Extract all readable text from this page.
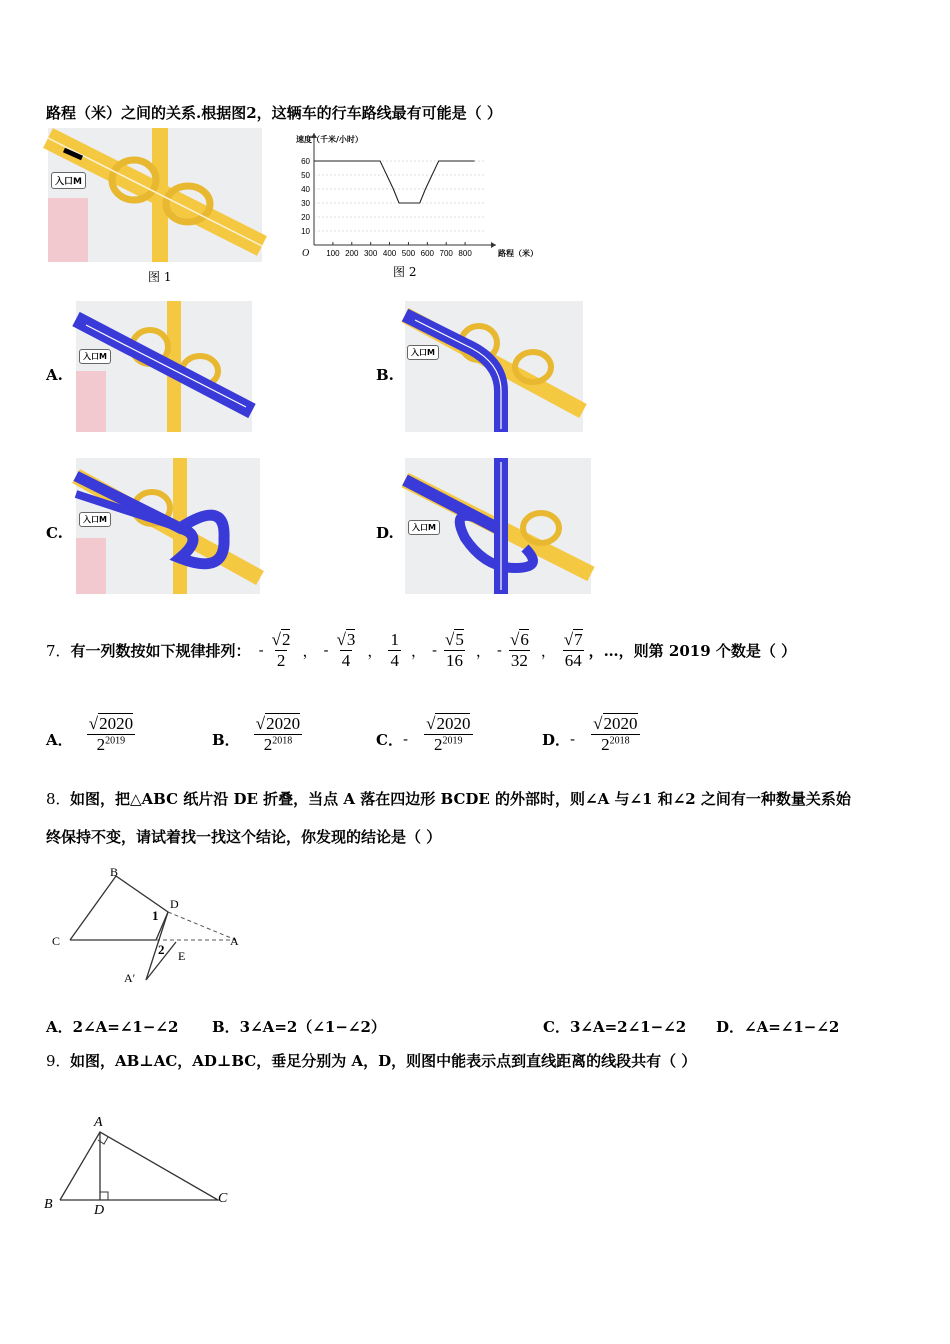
路程（米）之间的关系.根据图2，这辆车的行车路线最有可能是（ ）
入口M
图 1
100 200 300 400 500 600 700 800
10
20
30
40
50
60
O
速度（千米/小时）
路程（米）
图 2
A.
入口M
B.
入口M
C.
入口M
D.	入口M
7． 有一列数按如下规律排列： - $\frac{√2}{2}$ ， - $\frac{√3}{4}$ ， $\frac{1}{4}$ ， - $\frac{√5}{16}$ ， - $\frac{√6}{32}$ ， $\frac{√7}{64}$ ，…，则第 2019 个数是（ ）
A． $\frac{√2020}{2^{2019}}$	B． $\frac{√2020}{2^{2018}}$	C． - $\frac{√2020}{2^{2019}}$	D． - $\frac{√2020}{2^{2018}}$
8． 如图，把△ABC 纸片沿 DE 折叠，当点 A 落在四边形 BCDE 的外部时，则∠A 与∠1 和∠2 之间有一种数量关系始
终保持不变，请试着找一找这个结论，你发现的结论是（ ）
B
C
D
E
A
A′
1
2
A．2∠A=∠1−∠2 B．3∠A=2（∠1−∠2）	C．3∠A=2∠1−∠2 D．∠A=∠1−∠2
9． 如图，AB⊥AC，AD⊥BC，垂足分别为 A，D，则图中能表示点到直线距离的线段共有（ ）
A
B	C
D
